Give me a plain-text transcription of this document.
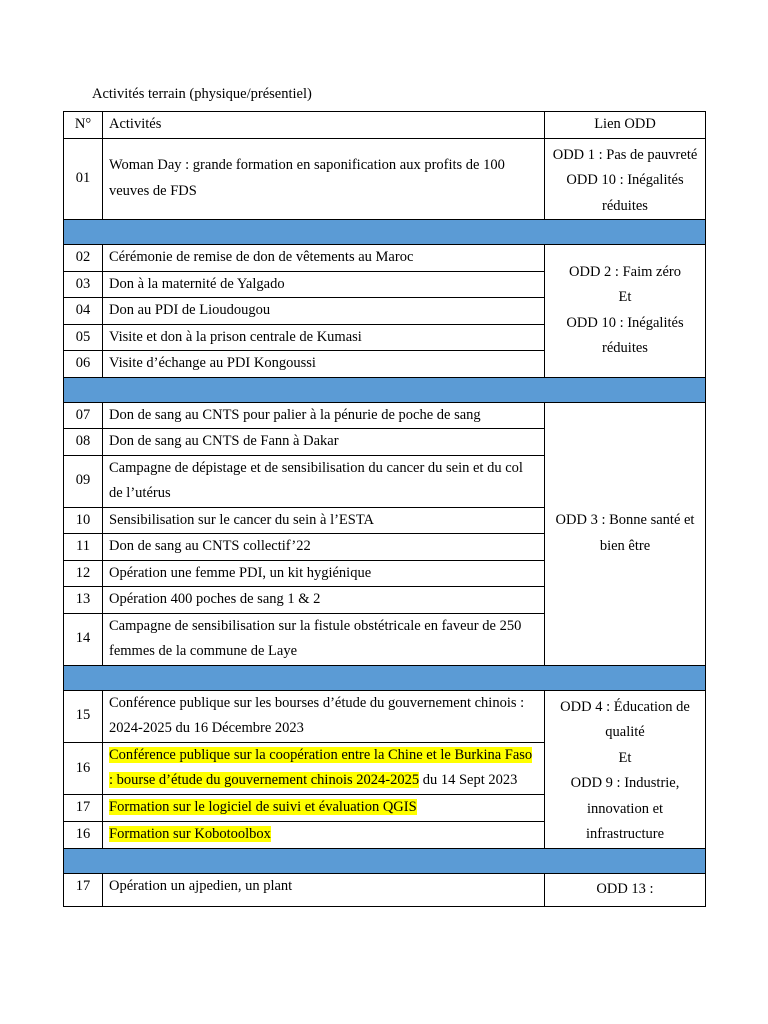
Activités terrain (physique/présentiel)
N°	Activités	Lien ODD
01	Woman Day : grande formation en saponification aux profits de 100 veuves de FDS	ODD 1 : Pas de pauvreté
ODD 10 : Inégalités réduites

02	Cérémonie de remise de don de vêtements au Maroc	ODD 2 : Faim zéro
Et
ODD 10 : Inégalités réduites

03	Don à la maternité de Yalgado	
04	Don au PDI de Lioudougou	
05	Visite et don à la prison centrale de Kumasi	
06	Visite d’échange au PDI Kongoussi	

07	Don de sang au CNTS pour palier à la pénurie de poche de sang	ODD 3 : Bonne santé et bien être

08	Don de sang au CNTS de Fann à Dakar	
09	Campagne de dépistage et de sensibilisation du cancer du sein et du col de l’utérus	
10	Sensibilisation sur le cancer du sein à l’ESTA	
11	Don de sang au CNTS collectif’22	
12	Opération une femme PDI, un kit hygiénique	
13	Opération 400 poches de sang 1 & 2	
14	Campagne de sensibilisation sur la fistule obstétricale en faveur de 250 femmes de la commune de Laye	

15	Conférence publique sur les bourses d’étude du gouvernement chinois : 2024-2025 du 16 Décembre 2023	ODD 4 : Éducation de qualité
Et
ODD 9 : Industrie, innovation et infrastructure

16	Conférence publique sur la coopération entre la Chine et le Burkina Faso : bourse d’étude du gouvernement chinois 2024-2025 du 14 Sept 2023	
17	Formation sur le logiciel de suivi et évaluation QGIS	
16	Formation sur Kobotoolbox	

17	Opération un ajpedien, un plant	ODD 13 :
